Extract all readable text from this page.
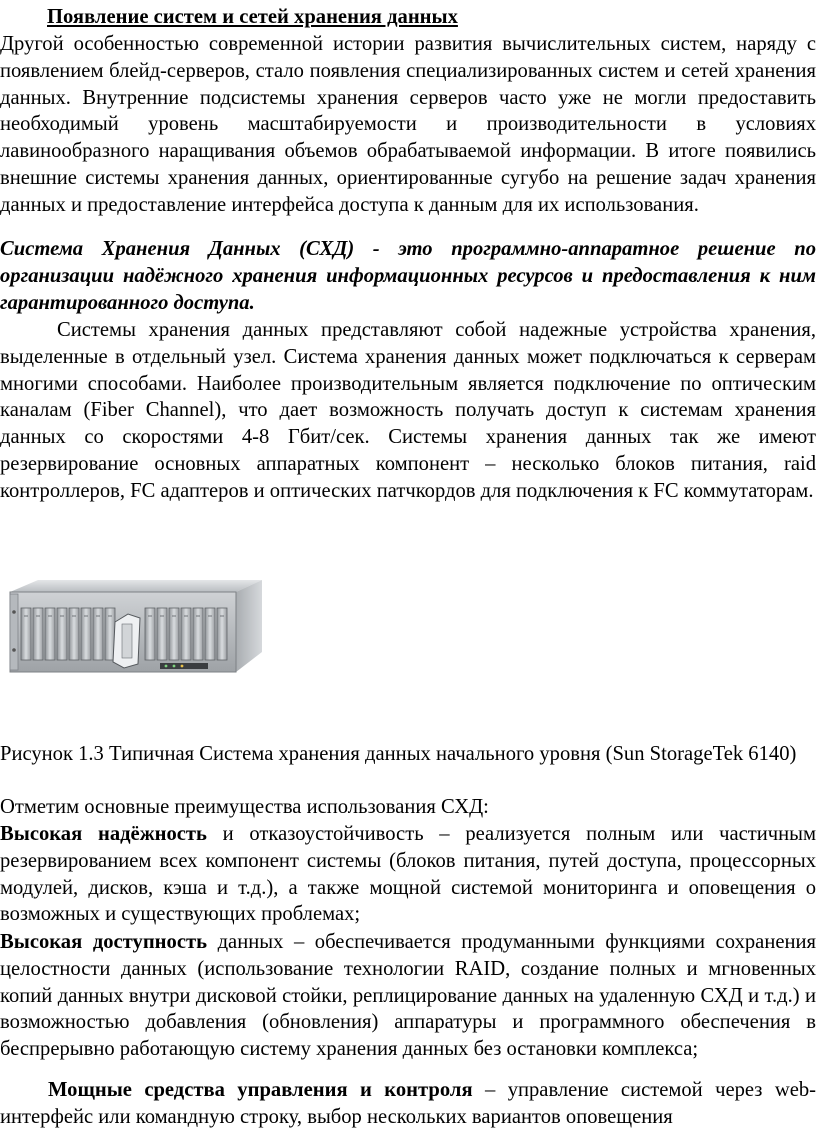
Появление систем и сетей хранения данных

Другой особенностью современной истории развития вычислительных систем, наряду с появлением блейд-серверов, стало появления специализированных систем и сетей хранения данных. Внутренние подсистемы хранения серверов часто уже не могли предоставить необходимый уровень масштабируемости и производительности в условиях лавинообразного наращивания объемов обрабатываемой информации. В итоге появились внешние системы хранения данных, ориентированные сугубо на решение задач хранения данных и предоставление интерфейса доступа к данным для их использования.

Система Хранения Данных (СХД) - это программно-аппаратное решение по организации надёжного хранения информационных ресурсов и предоставления к ним гарантированного доступа.

Системы хранения данных представляют собой надежные устройства хранения, выделенные в отдельный узел. Система хранения данных может подключаться к серверам многими способами. Наиболее производительным является подключение по оптическим каналам (Fiber Channel), что дает возможность получать доступ к системам хранения данных со скоростями 4-8 Гбит/сек. Системы хранения данных так же имеют резервирование основных аппаратных компонент – несколько блоков питания, raid контроллеров, FC адаптеров и оптических патчкордов для подключения к FC коммутаторам.

Рисунок 1.3 Типичная Система хранения данных начального уровня (Sun StorageTek 6140)

Отметим основные преимущества использования СХД:

Высокая надёжность и отказоустойчивость – реализуется полным или частичным резервированием всех компонент системы (блоков питания, путей доступа, процессорных модулей, дисков, кэша и т.д.), а также мощной системой мониторинга и оповещения о возможных и существующих проблемах;

Высокая доступность данных – обеспечивается продуманными функциями сохранения целостности данных (использование технологии RAID, создание полных и мгновенных копий данных внутри дисковой стойки, реплицирование данных на удаленную СХД и т.д.) и возможностью добавления (обновления) аппаратуры и программного обеспечения в беспрерывно работающую систему хранения данных без остановки комплекса;

Мощные средства управления и контроля – управление системой через web-интерфейс или командную строку, выбор нескольких вариантов оповещения
